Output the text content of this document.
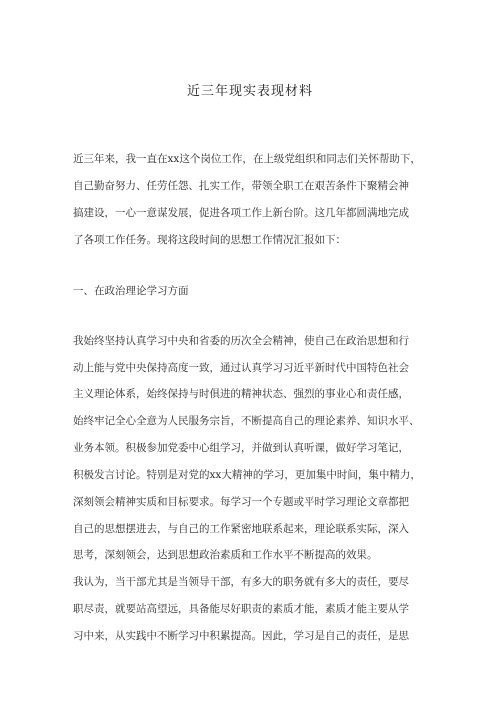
近三年现实表现材料
近三年来，我一直在xx这个岗位工作，在上级党组织和同志们关怀帮助下，
自己勤奋努力、任劳任怨、扎实工作，带领全职工在艰苦条件下聚精会神
搞建设，一心一意谋发展，促进各项工作上新台阶。这几年都圆满地完成
了各项工作任务。现将这段时间的思想工作情况汇报如下：
一、在政治理论学习方面
我始终坚持认真学习中央和省委的历次全会精神，使自己在政治思想和行
动上能与党中央保持高度一致，通过认真学习习近平新时代中国特色社会
主义理论体系，始终保持与时俱进的精神状态、强烈的事业心和责任感，
始终牢记全心全意为人民服务宗旨，不断提高自己的理论素养、知识水平、
业务本领。积极参加党委中心组学习，并做到认真听课，做好学习笔记，
积极发言讨论。特别是对党的xx大精神的学习，更加集中时间，集中精力，
深刻领会精神实质和目标要求。每学习一个专题或平时学习理论文章都把
自己的思想摆进去，与自己的工作紧密地联系起来，理论联系实际，深入
思考，深刻领会，达到思想政治素质和工作水平不断提高的效果。
我认为，当干部尤其是当领导干部，有多大的职务就有多大的责任，要尽
职尽责，就要站高望远，具备能尽好职责的素质才能，素质才能主要从学
习中来，从实践中不断学习中积累提高。因此，学习是自己的责任，是思
